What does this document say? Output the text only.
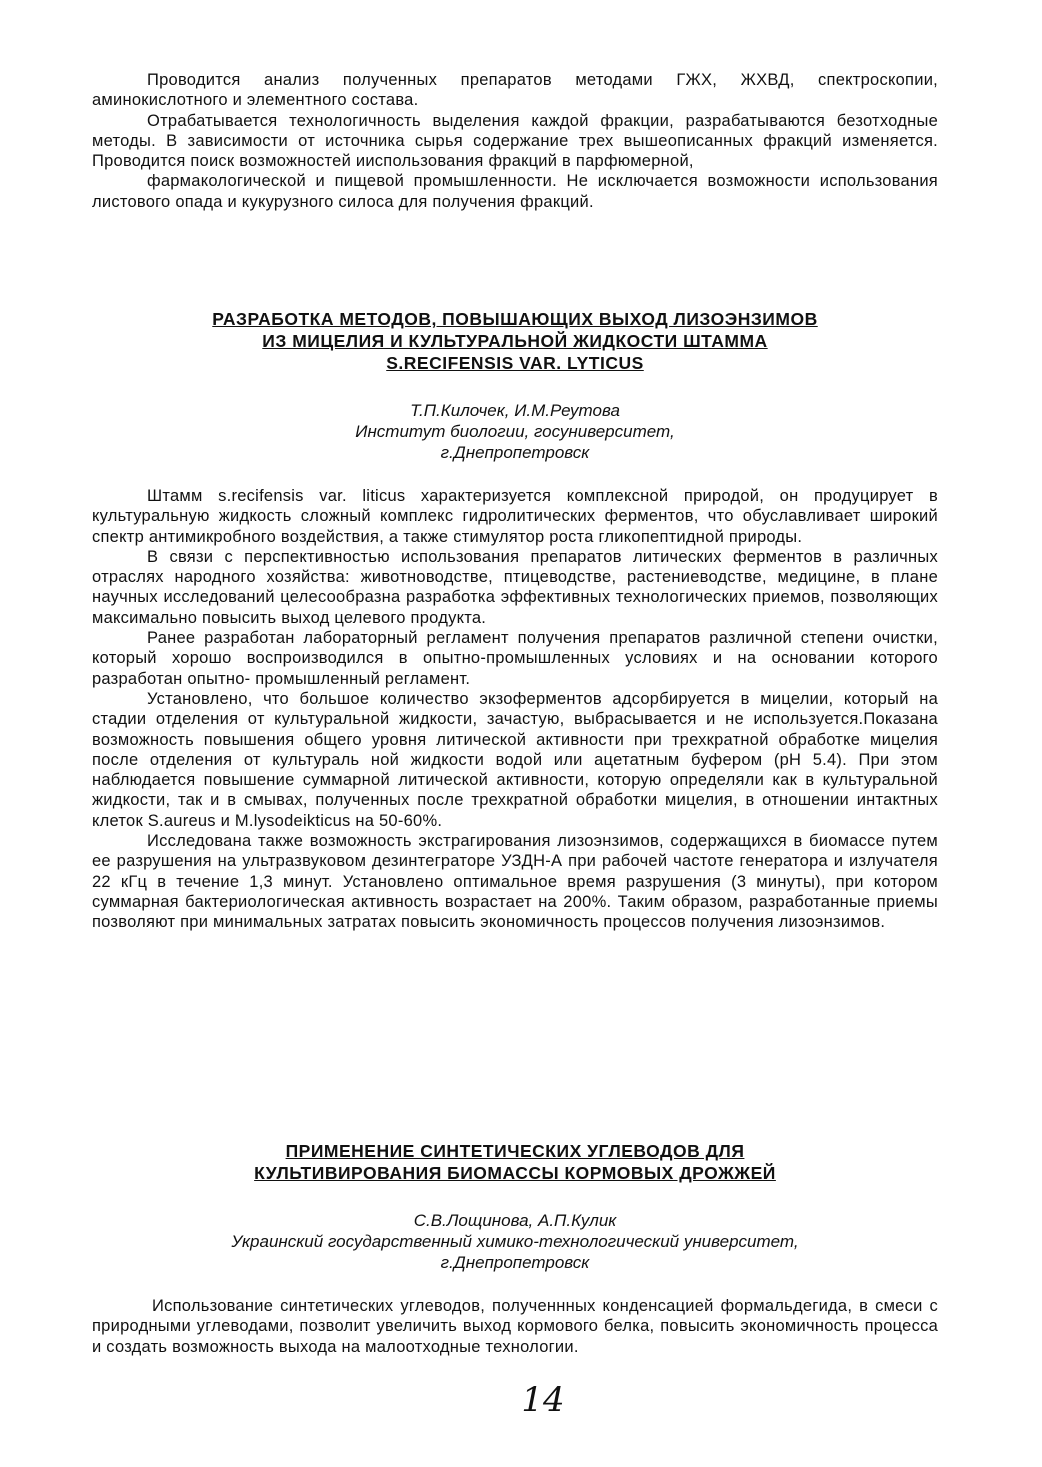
Проводится анализ полученных препаратов методами ГЖХ, ЖХВД, спектроскопии, аминокислотного и элементного состава.

Отрабатывается технологичность выделения каждой фракции, разрабатываются безотходные методы. В зависимости от источника сырья содержание трех вышеописанных фракций изменяется. Проводится поиск возможностей ииспользования фракций в парфюмерной,

фармакологической и пищевой промышленности. Не исключается возможности использования листового опада и кукурузного силоса для получения фракций.

РАЗРАБОТКА МЕТОДОВ, ПОВЫШАЮЩИХ ВЫХОД ЛИЗОЭНЗИМОВ
ИЗ МИЦЕЛИЯ И КУЛЬТУРАЛЬНОЙ ЖИДКОСТИ ШТАММА
S.RECIFENSIS VAR. LYTICUS
Т.П.Килочек, И.М.Реутова
Институт биологии, госуниверситет,
г.Днепропетровск

Штамм s.recifensis var. liticus характеризуется комплексной природой, он продуцирует в культуральную жидкость сложный комплекс гидролитических ферментов, что обуславливает широкий спектр антимикробного воздействия, а также стимулятор роста гликопептидной природы.

В связи с перспективностью использования препаратов литических ферментов в различных отраслях народного хозяйства: животноводстве, птицеводстве, растениеводстве, медицине, в плане научных исследований целесообразна разработка эффективных технологических приемов, позволяющих максимально повысить выход целевого продукта.

Ранее разработан лабораторный регламент получения препаратов различной степени очистки, который хорошо воспроизводился в опытно-промышленных условиях и на основании которого разработан опытно- промышленный регламент.

Установлено, что большое количество экзоферментов адсорбируется в мицелии, который на стадии отделения от культуральной жидкости, зачастую, выбрасывается и не используется.Показана возможность повышения общего уровня литической активности при трехкратной обработке мицелия после отделения от культураль ной жидкости водой или ацетатным буфером (pH 5.4). При этом наблюдается повышение суммарной литической активности, которую определяли как в культуральной жидкости, так и в смывах, полученных после трехкратной обработки мицелия, в отношении интактных клеток S.aureus и M.lysodeikticus на 50-60%.

Исследована также возможность экстрагирования лизоэнзимов, содержащихся в биомассе путем ее разрушения на ультразвуковом дезинтеграторе УЗДН-А при рабочей частоте генератора и излучателя 22 кГц в течение 1,3 минут. Установлено оптимальное время разрушения (3 минуты), при котором суммарная бактериологическая активность возрастает на 200%. Таким образом, разработанные приемы позволяют при минимальных затратах повысить экономичность процессов получения лизоэнзимов.

ПРИМЕНЕНИЕ СИНТЕТИЧЕСКИХ УГЛЕВОДОВ ДЛЯ
КУЛЬТИВИРОВАНИЯ БИОМАССЫ КОРМОВЫХ ДРОЖЖЕЙ
С.В.Лощинова, А.П.Кулик
Украинский государственный химико-технологический университет,
г.Днепропетровск

Использование синтетических углеводов, полученнных конденсацией формальдегида, в смеси с природными углеводами, позволит увеличить выход кормового белка, повысить экономичность процесса и создать возможность выхода на малоотходные технологии.

14
